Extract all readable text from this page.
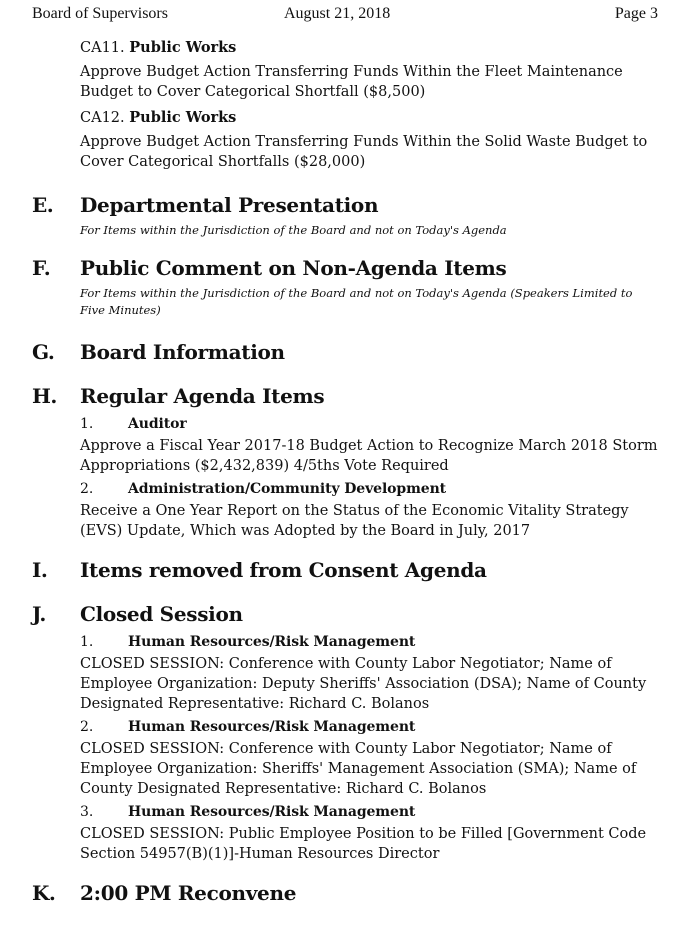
Board of Supervisors	August 21, 2018	Page 3
CA11. Public Works
Approve Budget Action Transferring Funds Within the Fleet Maintenance Budget to Cover Categorical Shortfall ($8,500)
CA12. Public Works
Approve Budget Action Transferring Funds Within the Solid Waste Budget to Cover Categorical Shortfalls ($28,000)
E. Departmental Presentation
For Items within the Jurisdiction of the Board and not on Today's Agenda
F. Public Comment on Non-Agenda Items
For Items within the Jurisdiction of the Board and not on Today's Agenda (Speakers Limited to Five Minutes)
G. Board Information
H. Regular Agenda Items
1. Auditor
Approve a Fiscal Year 2017-18 Budget Action to Recognize March 2018 Storm Appropriations ($2,432,839) 4/5ths Vote Required
2. Administration/Community Development
Receive a One Year Report on the Status of the Economic Vitality Strategy (EVS) Update, Which was Adopted by the Board in July, 2017
I. Items removed from Consent Agenda
J. Closed Session
1. Human Resources/Risk Management
CLOSED SESSION: Conference with County Labor Negotiator; Name of Employee Organization: Deputy Sheriffs' Association (DSA); Name of County Designated Representative: Richard C. Bolanos
2. Human Resources/Risk Management
CLOSED SESSION: Conference with County Labor Negotiator; Name of Employee Organization: Sheriffs' Management Association (SMA); Name of County Designated Representative: Richard C. Bolanos
3. Human Resources/Risk Management
CLOSED SESSION: Public Employee Position to be Filled [Government Code Section 54957(B)(1)]-Human Resources Director
K. 2:00 PM Reconvene
